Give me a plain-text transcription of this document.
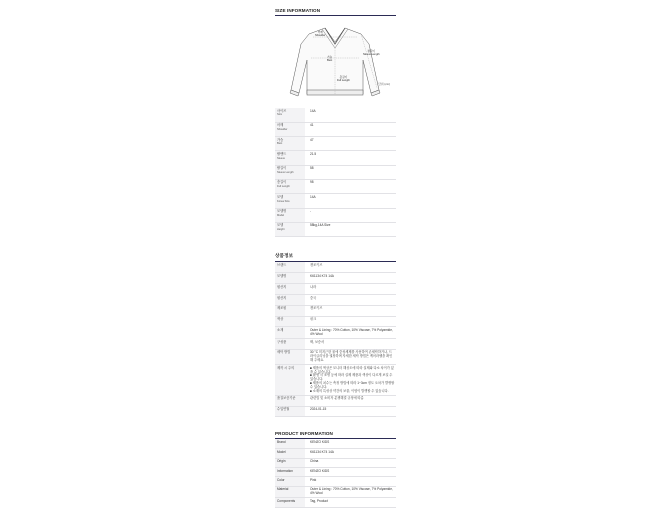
SIZE INFORMATION
어깨
Shoulder
가슴
Bust
총길이
Full Length
팔길이
Sleeve Length
단위 (cm)
사이즈
Size	14A
어깨
Shoulder	41
가슴
Bust	47
팔밴드
Sleeve	21.5
팔길이
Sleeve Length	58
총길이
Full Length	98
모델
Korea Size	14A
모델명
Model	-
모델
Height	58kg,14A Size
상품정보
브랜드	겐조키즈
모델명	K61134 K74 14A
원산지	나라
원산지	중국
제조원	겐조키즈
색상	핑크
소재	Outer & Lining : 70% Cotton, 10% Viscose, 7% Polyamide, 4% Wool
구성품	택, 보증서
세탁 방법	30 °C 미지근한 물에 중성세제를 사용하여 손세탁하거나, 드라이클리닝을 권장하며 자세한 세탁 방법은 케어라벨을 확인해 주세요.
제작 시 주의	■ 제품의 색상은 모니터 해상도에 따라 실제와 다소 차이가 있을 수 있습니다.
■ 촬영 시 조명 등에 따라 실제 제품과 색상이 다르게 보일 수 있습니다.
■ 제품의 치수는 측정 방법에 따라 1~3cm 정도 오차가 발생할 수 있습니다.
■ 소재의 특성상 약간의 보풀, 이염이 발생할 수 있습니다.
품질보증기준	관련법 및 소비자 분쟁해결 규정에 따름
수입연월	2024-01-15
PRODUCT INFORMATION
Brand	KENZO KIDS
Model	K61134 K74 14A
Origin	China
Information	KENZO KIDS
Color	Pink
Material	Outer & Lining : 70% Cotton, 10% Viscose, 7% Polyamide, 4% Wool
Components	Tag, Product
